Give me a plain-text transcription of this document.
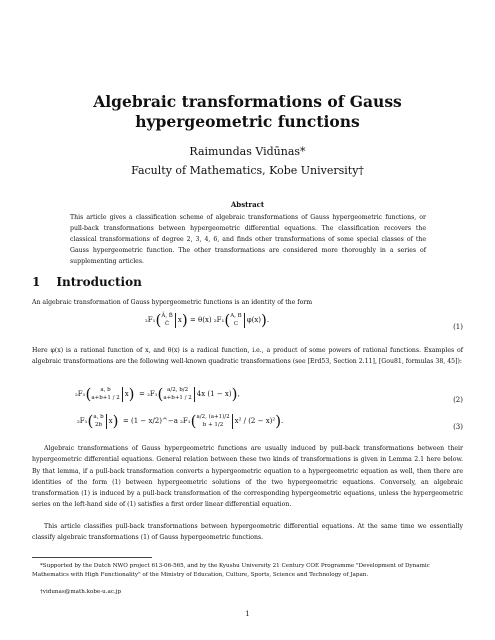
Algebraic transformations of Gauss hypergeometric functions
Raimundas Vidūnas*
Faculty of Mathematics, Kobe University†
Abstract
This article gives a classification scheme of algebraic transformations of Gauss hypergeometric functions, or pull-back transformations between hypergeometric differential equations. The classification recovers the classical transformations of degree 2, 3, 4, 6, and finds other transformations of some special classes of the Gauss hypergeometric function. The other transformations are considered more thoroughly in a series of supplementing articles.
1 Introduction
An algebraic transformation of Gauss hypergeometric functions is an identity of the form
₂F₁(Ã, B̃
C̃ x) = θ(x) ₂F₁(A, B
C φ(x)).
(1)
Here φ(x) is a rational function of x, and θ(x) is a radical function, i.e., a product of some powers of rational functions. Examples of algebraic transformations are the following well-known quadratic transformations (see [Erd53, Section 2.11], [Gou81, formulas 38, 45]):
₂F₁( a, b
a+b+1 / 2 x) = ₂F₁( a/2, b/2
a+b+1 / 2 4x (1 − x)),
(2)
₂F₁(a, b
2b x) = (1 − x/2)^−a ₂F₁(a/2, (a+1)/2
b + 1/2 x² / (2 − x)²).
(3)
Algebraic transformations of Gauss hypergeometric functions are usually induced by pull-back transformations between their hypergeometric differential equations. General relation between these two kinds of transformations is given in Lemma 2.1 here below. By that lemma, if a pull-back transformation converts a hypergeometric equation to a hypergeometric equation as well, then there are identities of the form (1) between hypergeometric solutions of the two hypergeometric equations. Conversely, an algebraic transformation (1) is induced by a pull-back transformation of the corresponding hypergeometric equations, unless the hypergeometric series on the left-hand side of (1) satisfies a first order linear differential equation.
This article classifies pull-back transformations between hypergeometric differential equations. At the same time we essentially classify algebraic transformations (1) of Gauss hypergeometric functions.
*Supported by the Dutch NWO project 613-06-565, and by the Kyushu University 21 Century COE Programme "Development of Dynamic Mathematics with High Functionality" of the Ministry of Education, Culture, Sports, Science and Technology of Japan.
†vidunas@math.kobe-u.ac.jp
1
